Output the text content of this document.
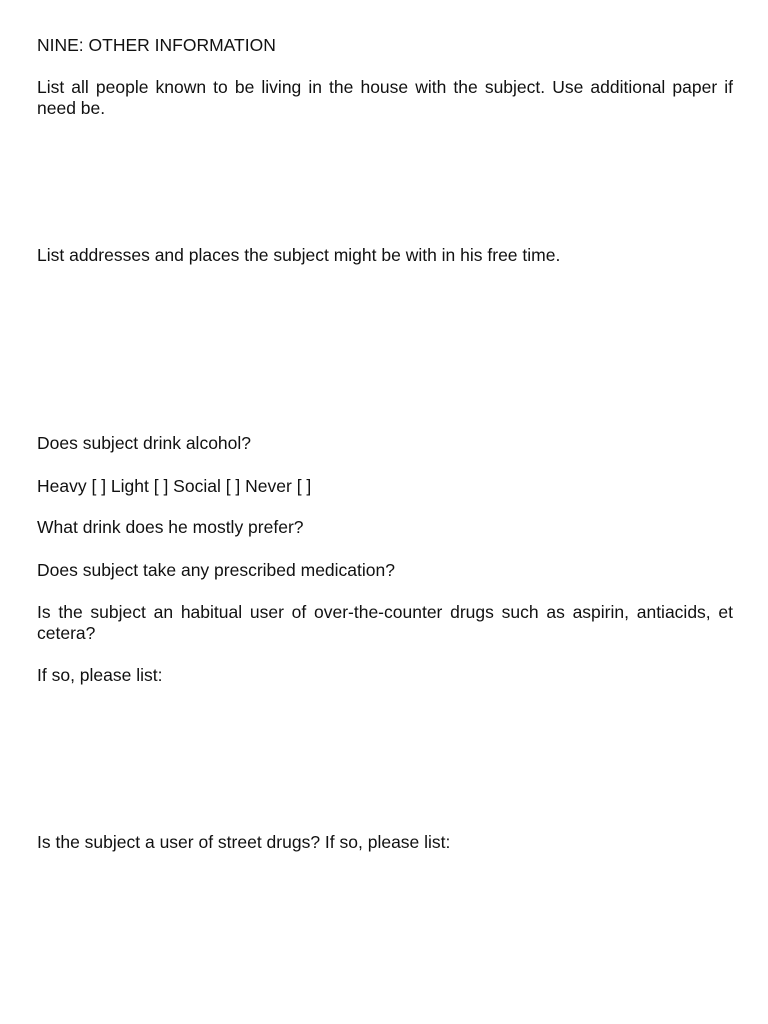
NINE: OTHER INFORMATION

List all people known to be living in the house with the subject. Use additional paper if need be.

List addresses and places the subject might be with in his free time.

Does subject drink alcohol?

Heavy [ ] Light [ ] Social [ ] Never [ ]

What drink does he mostly prefer?

Does subject take any prescribed medication?

Is the subject an habitual user of over-the-counter drugs such as aspirin, antiacids, et cetera?

If so, please list:

Is the subject a user of street drugs? If so, please list:
